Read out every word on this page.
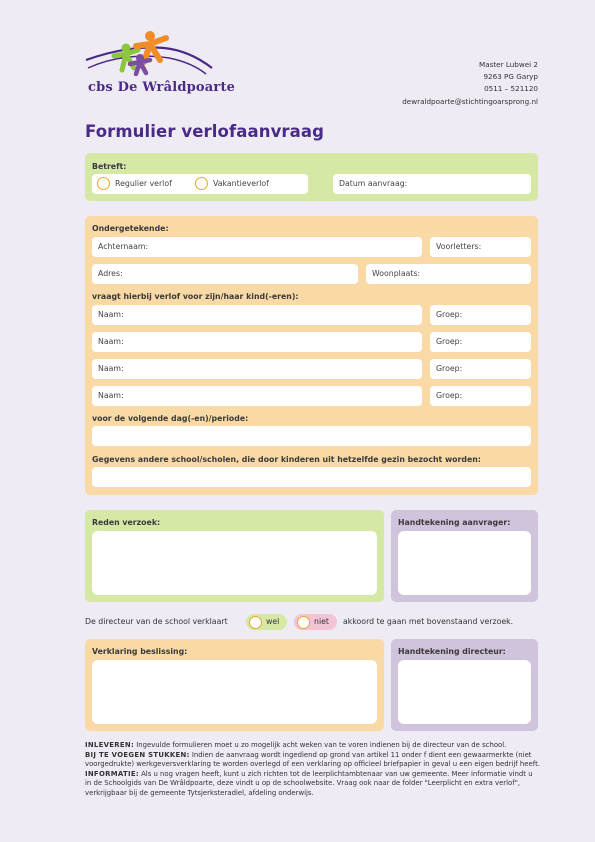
cbs De Wrâldpoarte
Master Lubwei 2
9263 PG Garyp
0511 – 521120
dewraldpoarte@stichtingoarsprong.nl
Formulier verlofaanvraag
Betreft:
Regulier verlof	Vakantieverlof	Datum aanvraag:
Ondergetekende:
Achternaam:	Voorletters:
Adres:	Woonplaats:
vraagt hierbij verlof voor zijn/haar kind(-eren):
Naam:	Groep:
Naam:	Groep:
Naam:	Groep:
Naam:	Groep:
voor de volgende dag(-en)/periode:
Gegevens andere school/scholen, die door kinderen uit hetzelfde gezin bezocht worden:
Reden verzoek:	Handtekening aanvrager:
De directeur van de school verklaart	wel	niet akkoord te gaan met bovenstaand verzoek.
Verklaring beslissing:	Handtekening directeur:

INLEVEREN: Ingevulde formulieren moet u zo mogelijk acht weken van te voren indienen bij de directeur van de school.

BIJ TE VOEGEN STUKKEN: Indien de aanvraag wordt ingediend op grond van artikel 11 onder f dient een gewaarmerkte (niet voorgedrukte) werkgeversverklaring te worden overlegd of een verklaring op officieel briefpapier in geval u een eigen bedrijf heeft.

INFORMATIE: Als u nog vragen heeft, kunt u zich richten tot de leerplichtambtenaar van uw gemeente. Meer informatie vindt u in de Schoolgids van De Wrâldpoarte, deze vindt u op de schoolwebsite. Vraag ook naar de folder "Leerplicht en extra verlof", verkrijgbaar bij de gemeente Tytsjerksteradiel, afdeling onderwijs.
